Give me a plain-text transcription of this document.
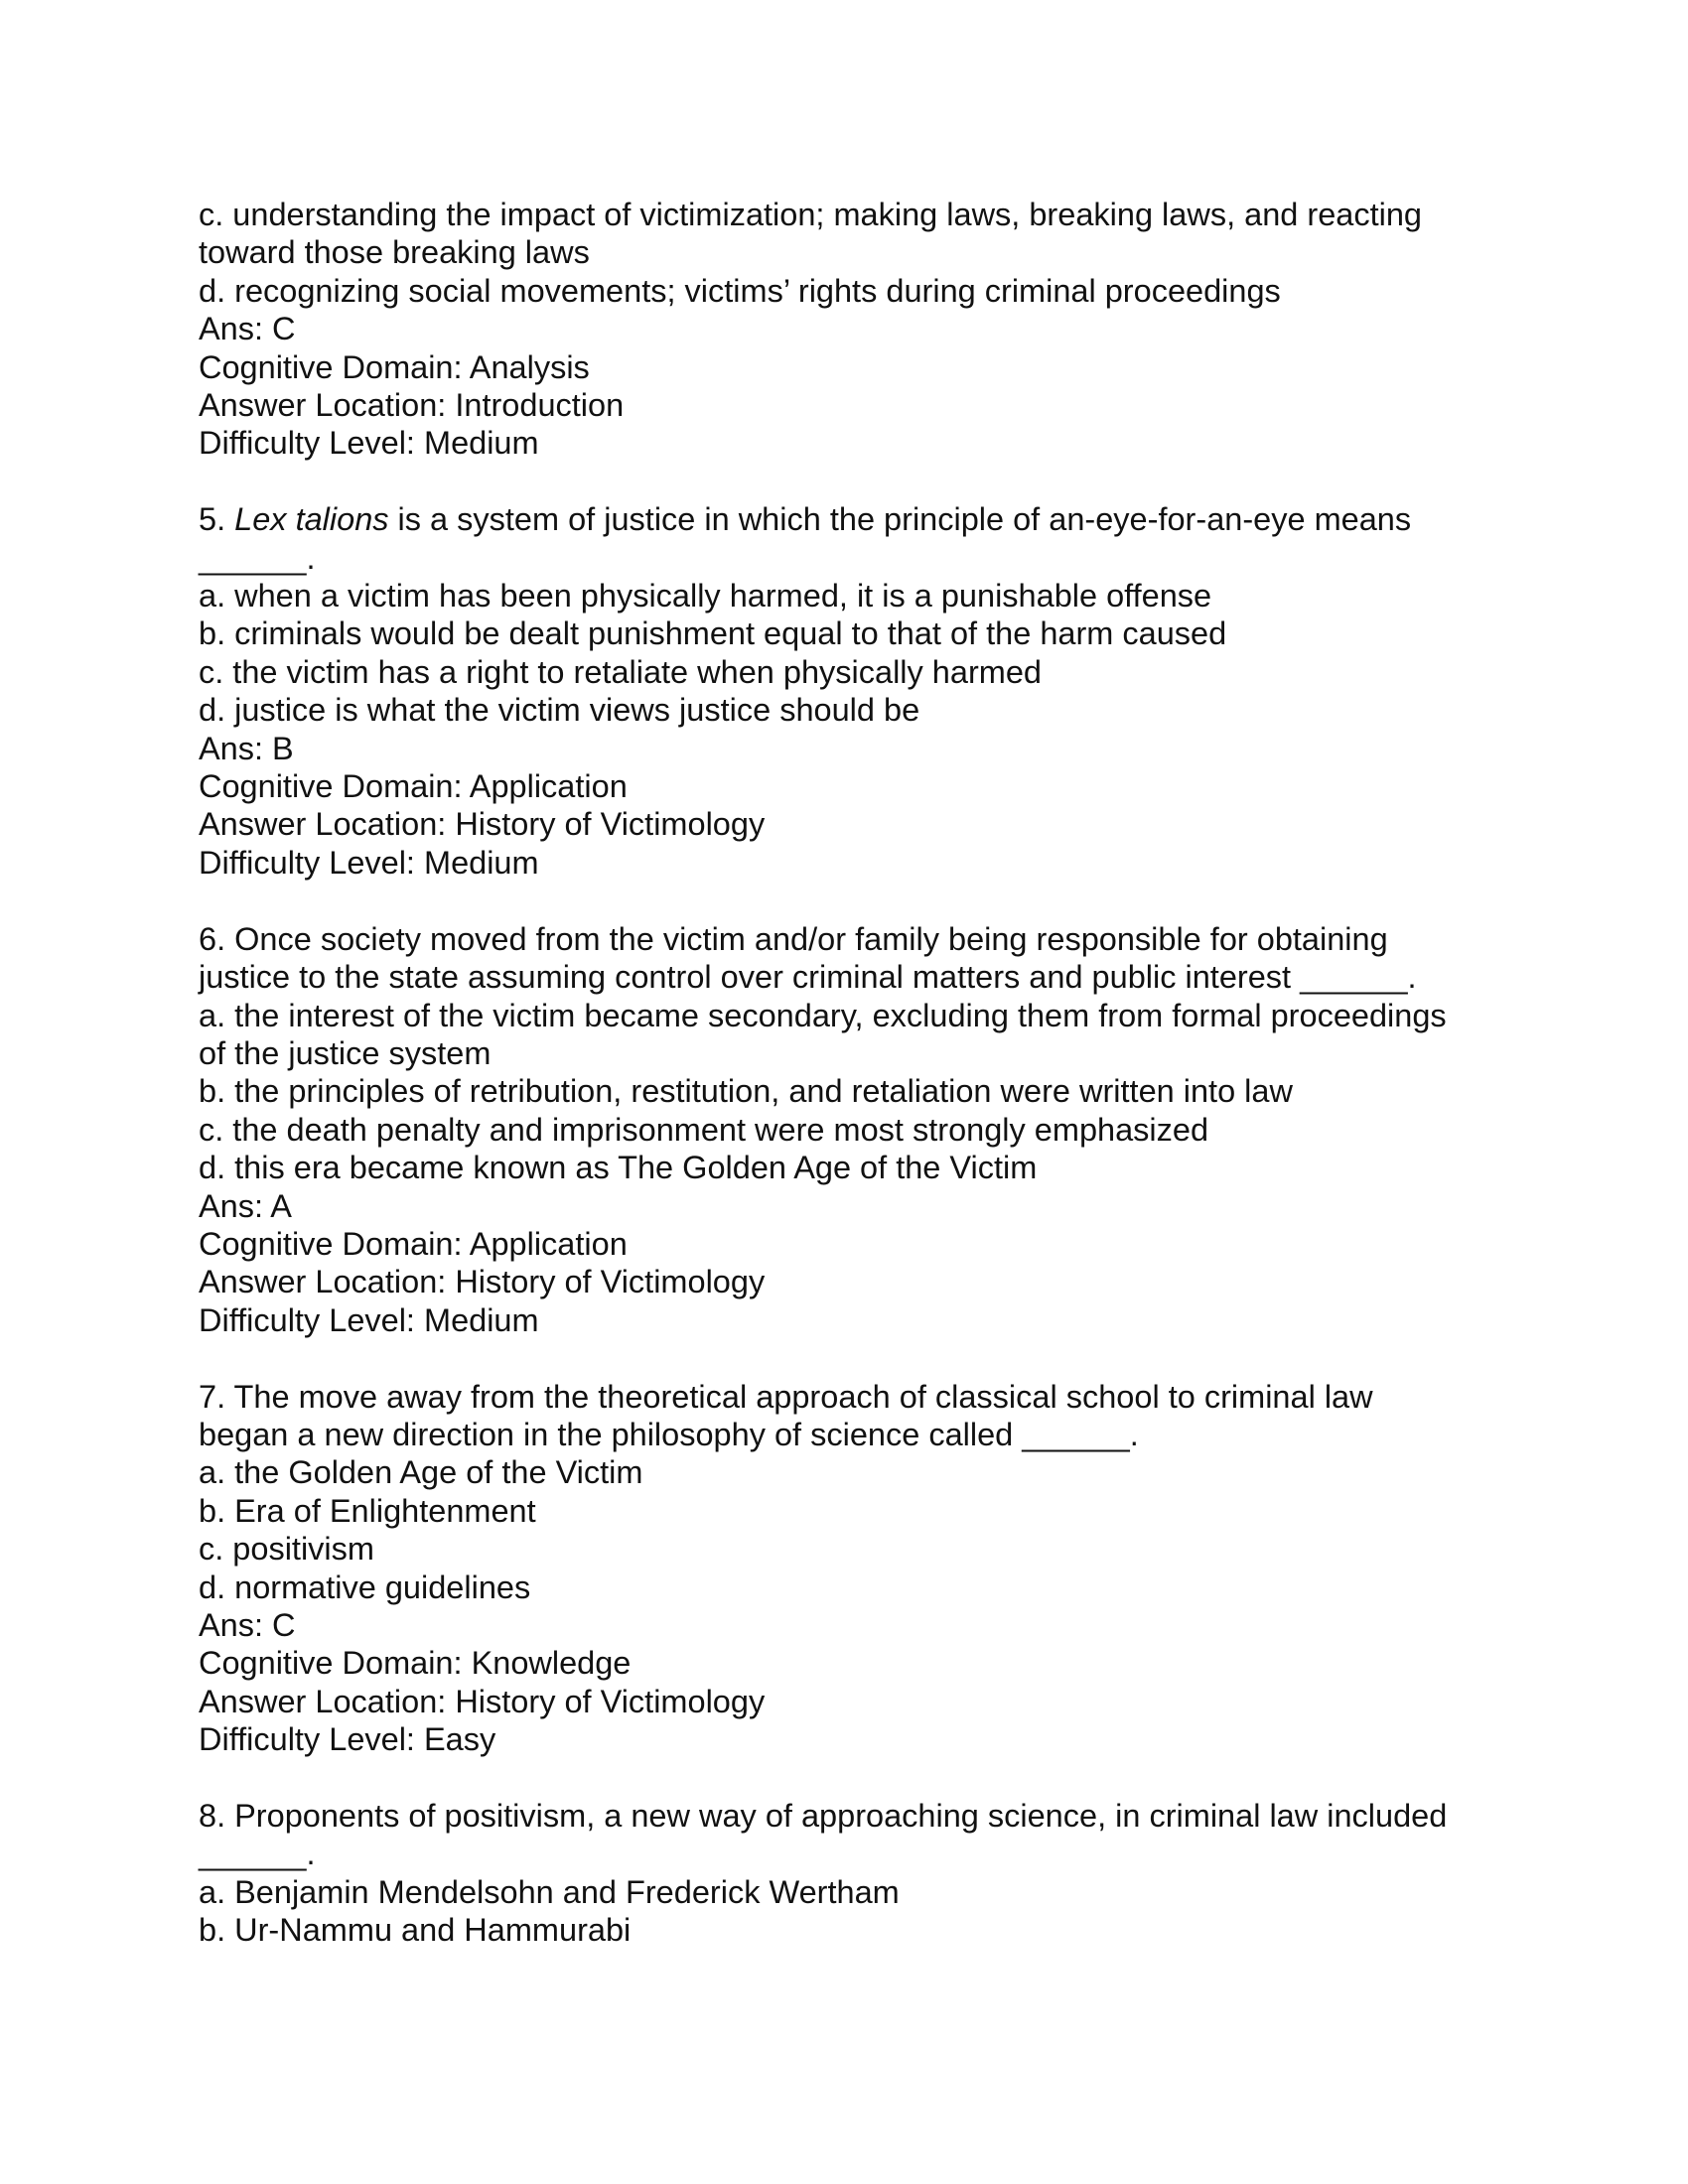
c. understanding the impact of victimization; making laws, breaking laws, and reacting
toward those breaking laws
d. recognizing social movements; victims’ rights during criminal proceedings
Ans: C
Cognitive Domain: Analysis
Answer Location: Introduction
Difficulty Level: Medium
5. Lex talions is a system of justice in which the principle of an-eye-for-an-eye means
______.
a. when a victim has been physically harmed, it is a punishable offense
b. criminals would be dealt punishment equal to that of the harm caused
c. the victim has a right to retaliate when physically harmed
d. justice is what the victim views justice should be
Ans: B
Cognitive Domain: Application
Answer Location: History of Victimology
Difficulty Level: Medium
6. Once society moved from the victim and/or family being responsible for obtaining
justice to the state assuming control over criminal matters and public interest ______.
a. the interest of the victim became secondary, excluding them from formal proceedings
of the justice system
b. the principles of retribution, restitution, and retaliation were written into law
c. the death penalty and imprisonment were most strongly emphasized
d. this era became known as The Golden Age of the Victim
Ans: A
Cognitive Domain: Application
Answer Location: History of Victimology
Difficulty Level: Medium
7. The move away from the theoretical approach of classical school to criminal law
began a new direction in the philosophy of science called ______.
a. the Golden Age of the Victim
b. Era of Enlightenment
c. positivism
d. normative guidelines
Ans: C
Cognitive Domain: Knowledge
Answer Location: History of Victimology
Difficulty Level: Easy
8. Proponents of positivism, a new way of approaching science, in criminal law included
______.
a. Benjamin Mendelsohn and Frederick Wertham
b. Ur-Nammu and Hammurabi
